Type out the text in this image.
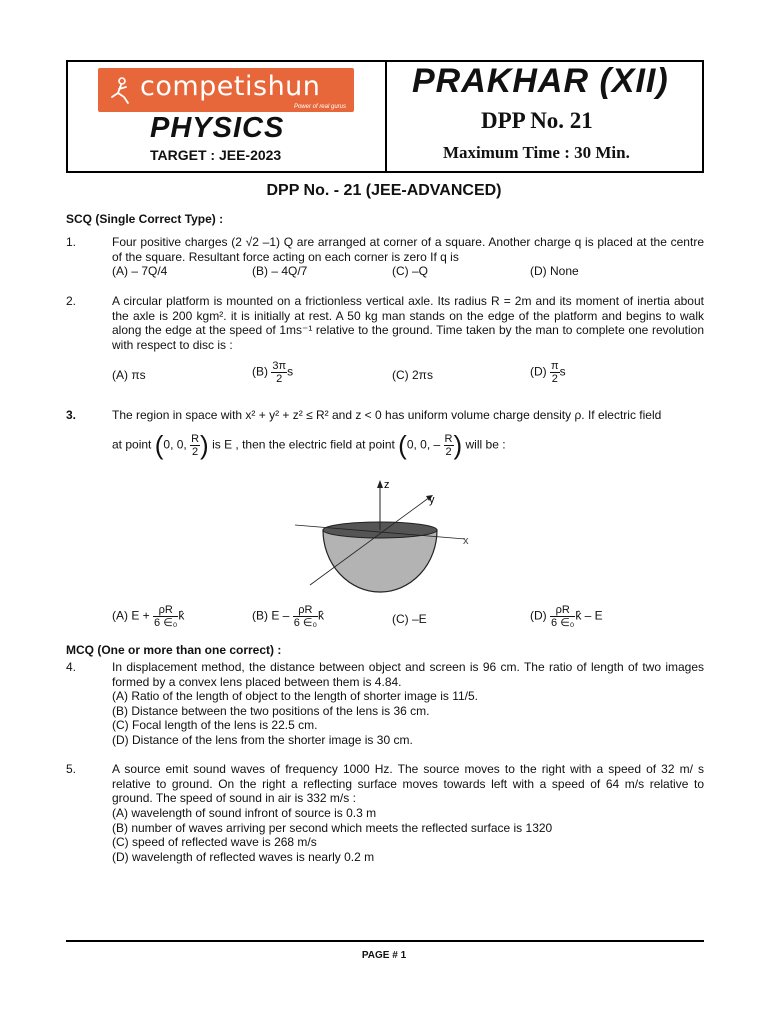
competishun
Power of real gurus
PHYSICS
TARGET : JEE-2023
PRAKHAR (XII)
DPP No. 21
Maximum Time : 30 Min.
DPP No. - 21 (JEE-ADVANCED)
SCQ (Single Correct Type) :
1.	Four positive charges (2 √2 –1) Q are arranged at corner of a square. Another charge q is placed at the centre of the square. Resultant force acting on each corner is zero If q is
(A) – 7Q/4	(B) – 4Q/7	(C) –Q	(D) None
2.	A circular platform is mounted on a frictionless vertical axle. Its radius R = 2m and its moment of inertia about the axle is 200 kgm². it is initially at rest. A 50 kg man stands on the edge of the platform and begins to walk along the edge at the speed of 1ms⁻¹ relative to the ground. Time taken by the man to complete one revolution with respect to disc is :
(A) πs	$(B) \frac{3\pi}{2}$ s	(C) 2πs	$(D) \frac{\pi}{2}$ s
3.	The region in space with x² + y² + z² ≤ R² and z < 0 has uniform volume charge density ρ. If electric field
at point (0, 0, $\frac{R}{2}$ ) is E , then the electric field at point (0, 0, – $\frac{R}{2}$ ) will be :
z
y
x
(A) $E + \frac{\rho R}{\text{6 ∈₀}}$ k̂	(B) E – $\frac{\rho R}{\text{6 ∈₀}}$ k̂	(C) –E	$(D) \frac{\rho R}{\text{6 ∈₀}}$ k̂ – E
MCQ (One or more than one correct) :
4.	In displacement method, the distance between object and screen is 96 cm. The ratio of length of two images formed by a convex lens placed between them is 4.84.
(A) Ratio of the length of object to the length of shorter image is 11/5.
(B) Distance between the two positions of the lens is 36 cm.
(C) Focal length of the lens is 22.5 cm.
(D) Distance of the lens from the shorter image is 30 cm.
5.	A source emit sound waves of frequency 1000 Hz. The source moves to the right with a speed of 32 m/ s relative to ground. On the right a reflecting surface moves towards left with a speed of 64 m/s relative to ground. The speed of sound in air is 332 m/s :
(A) wavelength of sound infront of source is 0.3 m
(B) number of waves arriving per second which meets the reflected surface is 1320
(C) speed of reflected wave is 268 m/s
(D) wavelength of reflected waves is nearly 0.2 m
PAGE # 1
